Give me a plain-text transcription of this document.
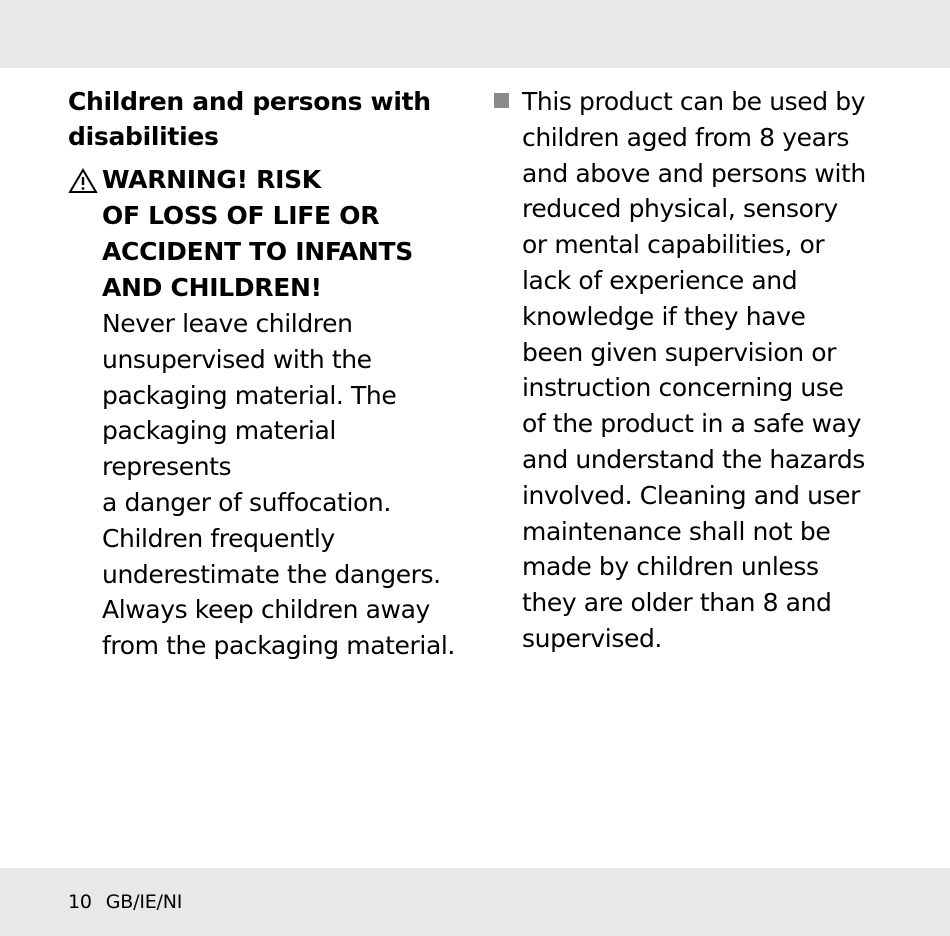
Children and persons with
disabilities
WARNING! RISK
OF LOSS OF LIFE OR
ACCIDENT TO INFANTS
AND CHILDREN!
Never leave children
unsupervised with the
packaging material. The
packaging material represents
a danger of suffocation.
Children frequently
underestimate the dangers.
Always keep children away
from the packaging material.
This product can be used by
children aged from 8 years
and above and persons with
reduced physical, sensory
or mental capabilities, or
lack of experience and
knowledge if they have
been given supervision or
instruction concerning use
of the product in a safe way
and understand the hazards
involved. Cleaning and user
maintenance shall not be
made by children unless
they are older than 8 and
supervised.
10 GB/IE/NI
